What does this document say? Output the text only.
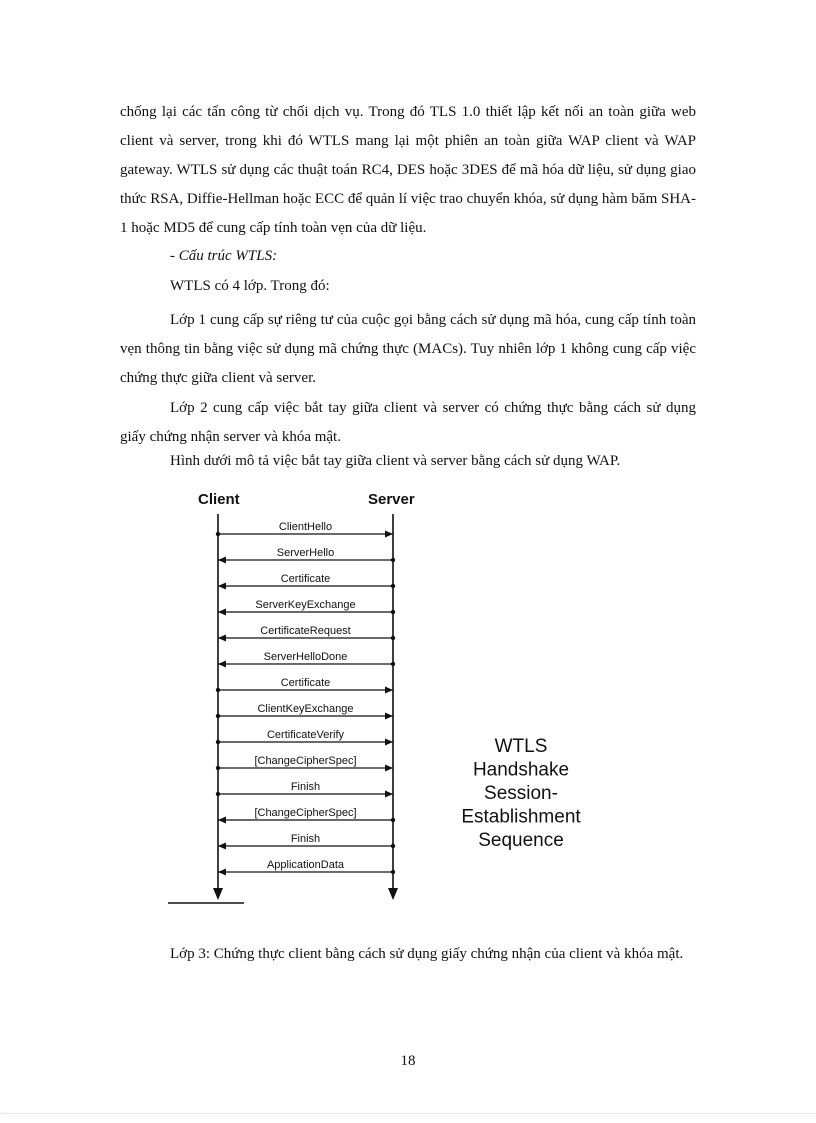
chống lại các tấn công từ chối dịch vụ. Trong đó TLS 1.0 thiết lập kết nối an toàn giữa web client và server, trong khi đó WTLS mang lại một phiên an toàn giữa WAP client và WAP gateway. WTLS sử dụng các thuật toán RC4, DES hoặc 3DES để mã hóa dữ liệu, sử dụng giao thức RSA, Diffie-Hellman hoặc ECC để quản lí việc trao chuyển khóa, sử dụng hàm băm SHA-1 hoặc MD5 để cung cấp tính toàn vẹn của dữ liệu.

- Cấu trúc WTLS:
WTLS có 4 lớp. Trong đó:

Lớp 1 cung cấp sự riêng tư của cuộc gọi bằng cách sử dụng mã hóa, cung cấp tính toàn vẹn thông tin bằng việc sử dụng mã chứng thực (MACs). Tuy nhiên lớp 1 không cung cấp việc chứng thực giữa client và server.

Lớp 2 cung cấp việc bắt tay giữa client và server có chứng thực bằng cách sử dụng giấy chứng nhận server và khóa mật.

Hình dưới mô tả việc bắt tay giữa client và server bằng cách sử dụng WAP.
Client	Server
ClientHello
ServerHello
Certificate
ServerKeyExchange
CertificateRequest
ServerHelloDone
Certificate
ClientKeyExchange
CertificateVerify
[ChangeCipherSpec]
Finish
[ChangeCipherSpec]
Finish
ApplicationData
WTLS
Handshake
Session-
Establishment
Sequence
18

Lớp 3: Chứng thực client bằng cách sử dụng giấy chứng nhận của client và khóa mật.
